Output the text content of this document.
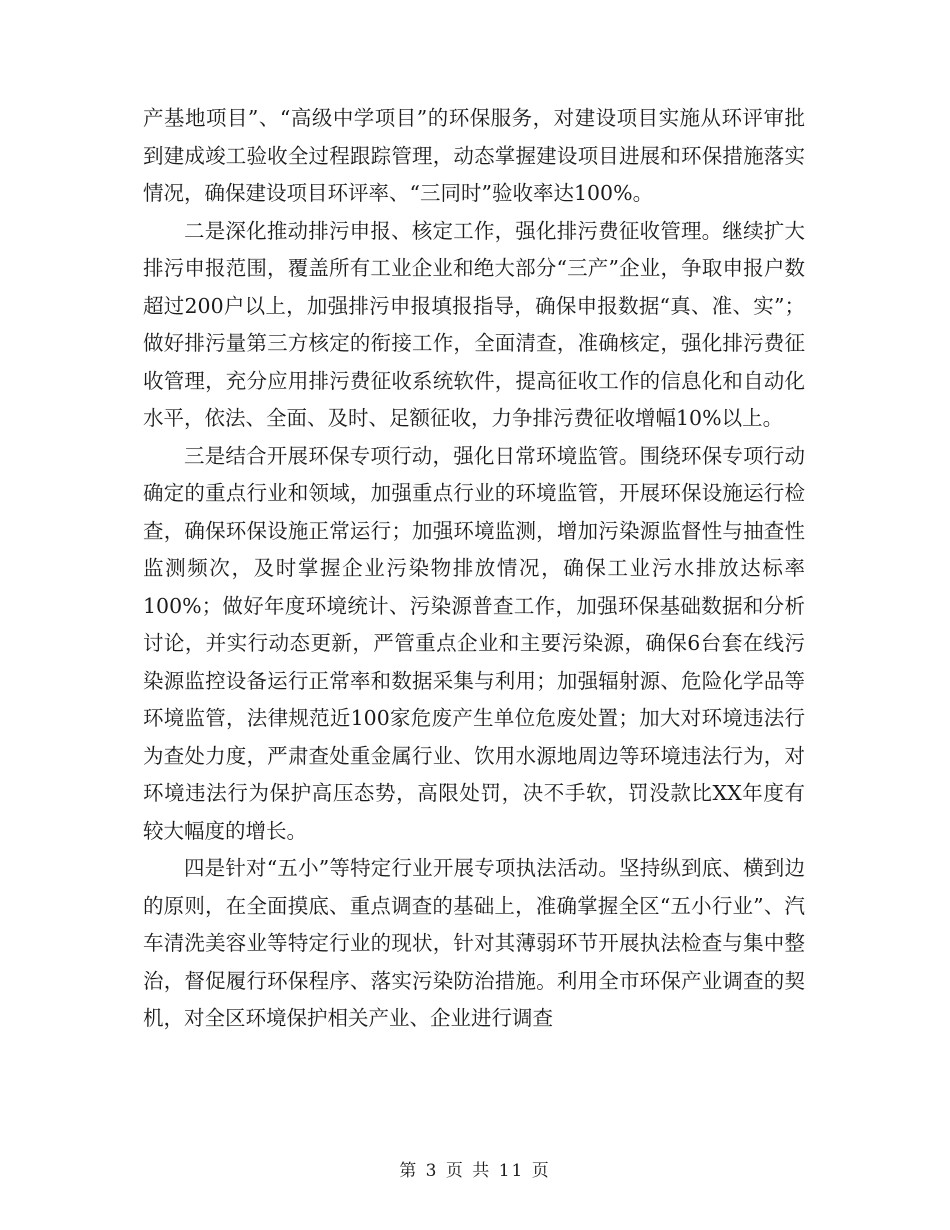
产基地项目”、“高级中学项目”的环保服务，对建设项目实施从环评审批到建成竣工验收全过程跟踪管理，动态掌握建设项目进展和环保措施落实情况，确保建设项目环评率、“三同时”验收率达100%。

二是深化推动排污申报、核定工作，强化排污费征收管理。继续扩大排污申报范围，覆盖所有工业企业和绝大部分“三产”企业，争取申报户数超过200户以上，加强排污申报填报指导，确保申报数据“真、准、实”；做好排污量第三方核定的衔接工作，全面清查，准确核定，强化排污费征收管理，充分应用排污费征收系统软件，提高征收工作的信息化和自动化水平，依法、全面、及时、足额征收，力争排污费征收增幅10%以上。

三是结合开展环保专项行动，强化日常环境监管。围绕环保专项行动确定的重点行业和领域，加强重点行业的环境监管，开展环保设施运行检查，确保环保设施正常运行；加强环境监测，增加污染源监督性与抽查性监测频次，及时掌握企业污染物排放情况，确保工业污水排放达标率100%；做好年度环境统计、污染源普查工作，加强环保基础数据和分析讨论，并实行动态更新，严管重点企业和主要污染源，确保6台套在线污染源监控设备运行正常率和数据采集与利用；加强辐射源、危险化学品等环境监管，法律规范近100家危废产生单位危废处置；加大对环境违法行为查处力度，严肃查处重金属行业、饮用水源地周边等环境违法行为，对环境违法行为保护高压态势，高限处罚，决不手软，罚没款比XX年度有较大幅度的增长。

四是针对“五小”等特定行业开展专项执法活动。坚持纵到底、横到边的原则，在全面摸底、重点调查的基础上，准确掌握全区“五小行业”、汽车清洗美容业等特定行业的现状，针对其薄弱环节开展执法检查与集中整治，督促履行环保程序、落实污染防治措施。利用全市环保产业调查的契机，对全区环境保护相关产业、企业进行调查

第 3 页 共 11 页
